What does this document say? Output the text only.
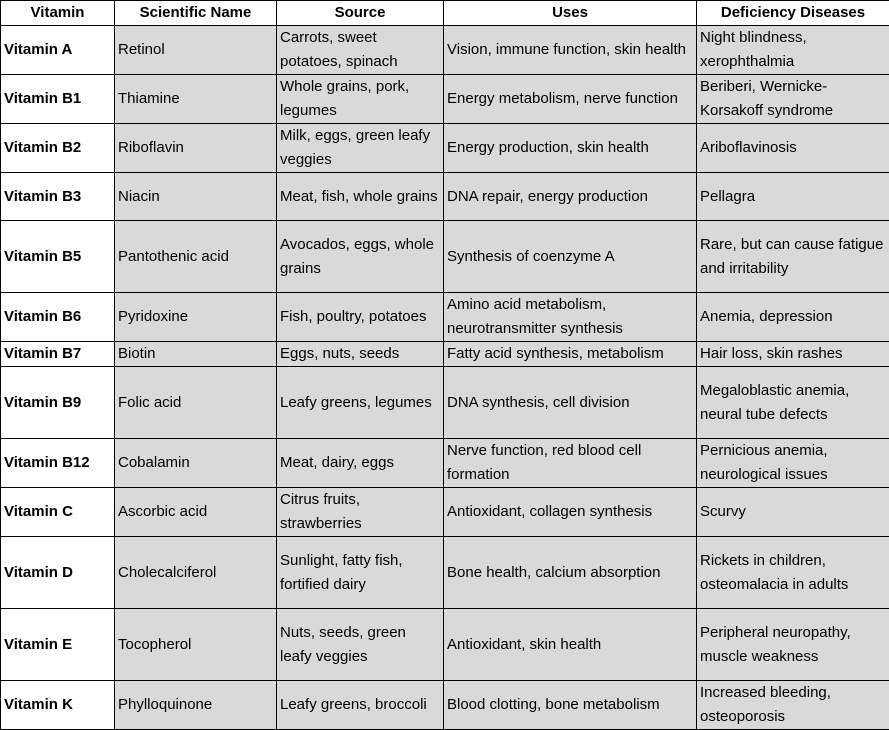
Vitamin	Scientific Name	Source	Uses	Deficiency Diseases
Vitamin A	Retinol	Carrots, sweet potatoes, spinach	Vision, immune function, skin health	Night blindness, xerophthalmia
Vitamin B1	Thiamine	Whole grains, pork, legumes	Energy metabolism, nerve function	Beriberi, Wernicke-Korsakoff syndrome
Vitamin B2	Riboflavin	Milk, eggs, green leafy veggies	Energy production, skin health	Ariboflavinosis
Vitamin B3	Niacin	Meat, fish, whole grains	DNA repair, energy production	Pellagra
Vitamin B5	Pantothenic acid	Avocados, eggs, whole grains	Synthesis of coenzyme A	Rare, but can cause fatigue and irritability
Vitamin B6	Pyridoxine	Fish, poultry, potatoes	Amino acid metabolism, neurotransmitter synthesis	Anemia, depression
Vitamin B7	Biotin	Eggs, nuts, seeds	Fatty acid synthesis, metabolism	Hair loss, skin rashes
Vitamin B9	Folic acid	Leafy greens, legumes	DNA synthesis, cell division	Megaloblastic anemia, neural tube defects
Vitamin B12	Cobalamin	Meat, dairy, eggs	Nerve function, red blood cell formation	Pernicious anemia, neurological issues
Vitamin C	Ascorbic acid	Citrus fruits, strawberries	Antioxidant, collagen synthesis	Scurvy
Vitamin D	Cholecalciferol	Sunlight, fatty fish, fortified dairy	Bone health, calcium absorption	Rickets in children, osteomalacia in adults
Vitamin E	Tocopherol	Nuts, seeds, green leafy veggies	Antioxidant, skin health	Peripheral neuropathy, muscle weakness
Vitamin K	Phylloquinone	Leafy greens, broccoli	Blood clotting, bone metabolism	Increased bleeding, osteoporosis
